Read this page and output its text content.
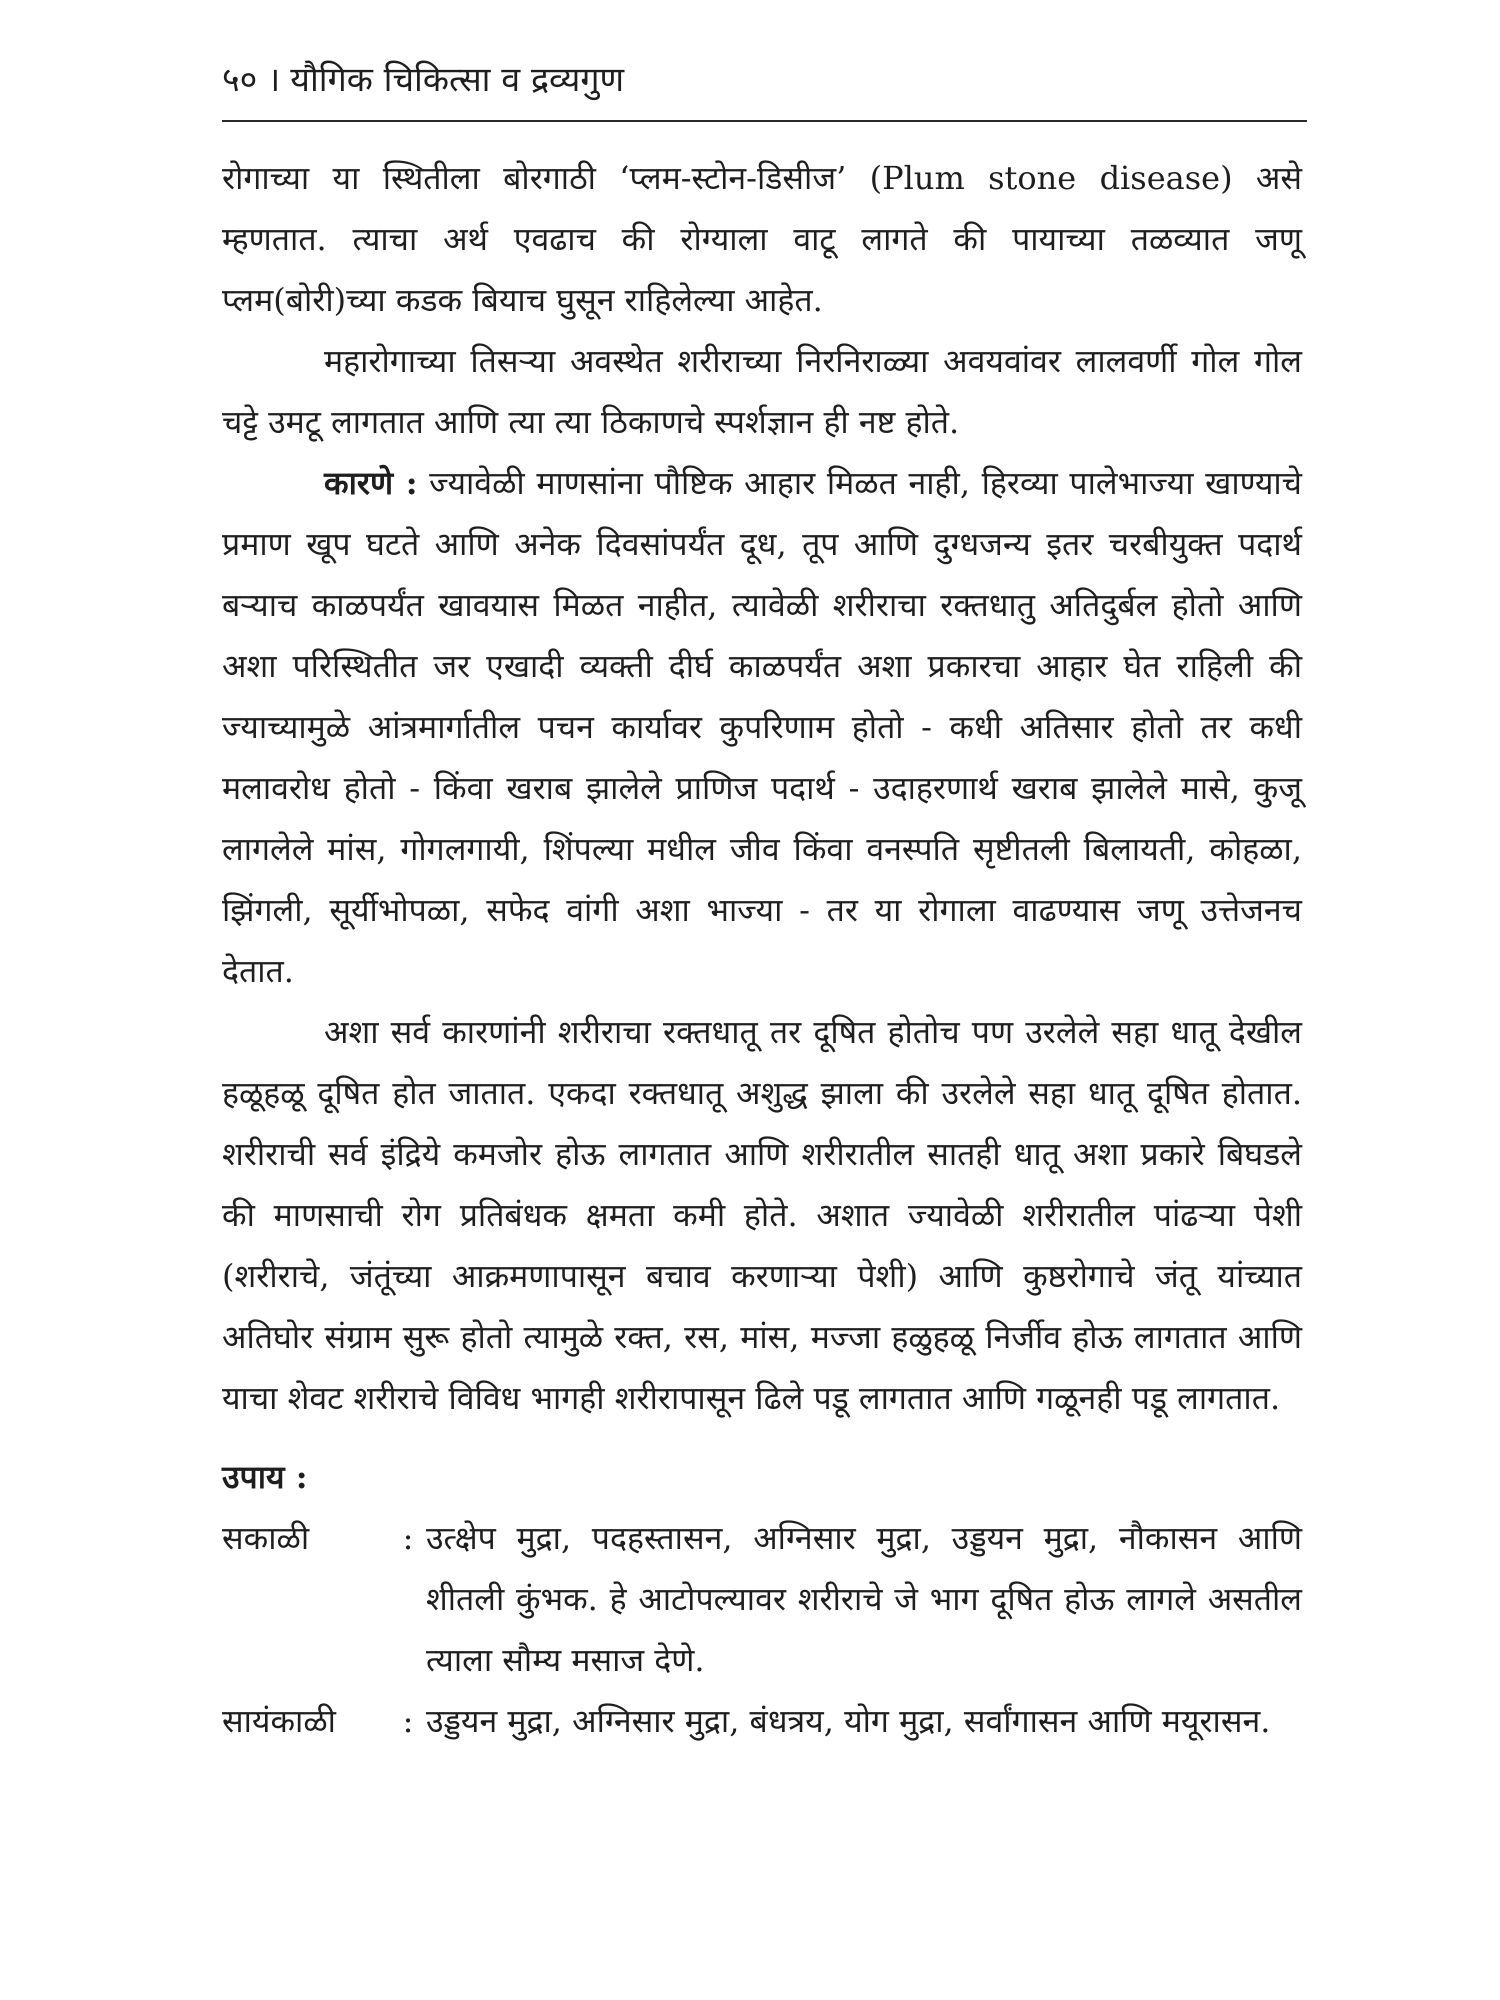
५० । यौगिक चिकित्सा व द्रव्यगुण

रोगाच्या या स्थितीला बोरगाठी ‘प्लम-स्टोन-डिसीज’ (Plum stone disease) असे म्हणतात. त्याचा अर्थ एवढाच की रोग्याला वाटू लागते की पायाच्या तळव्यात जणू प्लम(बोरी)च्या कडक बियाच घुसून राहिलेल्या आहेत.

महारोगाच्या तिसऱ्या अवस्थेत शरीराच्या निरनिराळ्या अवयवांवर लालवर्णी गोल गोल चट्टे उमटू लागतात आणि त्या त्या ठिकाणचे स्पर्शज्ञान ही नष्ट होते.

कारणे : ज्यावेळी माणसांना पौष्टिक आहार मिळत नाही, हिरव्या पालेभाज्या खाण्याचे प्रमाण खूप घटते आणि अनेक दिवसांपर्यंत दूध, तूप आणि दुग्धजन्य इतर चरबीयुक्त पदार्थ बऱ्याच काळपर्यंत खावयास मिळत नाहीत, त्यावेळी शरीराचा रक्तधातु अतिदुर्बल होतो आणि अशा परिस्थितीत जर एखादी व्यक्ती दीर्घ काळपर्यंत अशा प्रकारचा आहार घेत राहिली की ज्याच्यामुळे आंत्रमार्गातील पचन कार्यावर कुपरिणाम होतो - कधी अतिसार होतो तर कधी मलावरोध होतो - किंवा खराब झालेले प्राणिज पदार्थ - उदाहरणार्थ खराब झालेले मासे, कुजू लागलेले मांस, गोगलगायी, शिंपल्या मधील जीव किंवा वनस्पति सृष्टीतली बिलायती, कोहळा, झिंगली, सूर्यीभोपळा, सफेद वांगी अशा भाज्या - तर या रोगाला वाढण्यास जणू उत्तेजनच देतात.

अशा सर्व कारणांनी शरीराचा रक्तधातू तर दूषित होतोच पण उरलेले सहा धातू देखील हळूहळू दूषित होत जातात. एकदा रक्तधातू अशुद्ध झाला की उरलेले सहा धातू दूषित होतात. शरीराची सर्व इंद्रिये कमजोर होऊ लागतात आणि शरीरातील सातही धातू अशा प्रकारे बिघडले की माणसाची रोग प्रतिबंधक क्षमता कमी होते. अशात ज्यावेळी शरीरातील पांढऱ्या पेशी (शरीराचे, जंतूंच्या आक्रमणापासून बचाव करणाऱ्या पेशी) आणि कुष्ठरोगाचे जंतू यांच्यात अतिघोर संग्राम सुरू होतो त्यामुळे रक्त, रस, मांस, मज्जा हळुहळू निर्जीव होऊ लागतात आणि याचा शेवट शरीराचे विविध भागही शरीरापासून ढिले पडू लागतात आणि गळूनही पडू लागतात.

उपाय :
सकाळी	: उत्क्षेप मुद्रा, पदहस्तासन, अग्निसार मुद्रा, उड्डयन मुद्रा, नौकासन आणि शीतली कुंभक. हे आटोपल्यावर शरीराचे जे भाग दूषित होऊ लागले असतील त्याला सौम्य मसाज देणे.
सायंकाळी	: उड्डयन मुद्रा, अग्निसार मुद्रा, बंधत्रय, योग मुद्रा, सर्वांगासन आणि मयूरासन.
